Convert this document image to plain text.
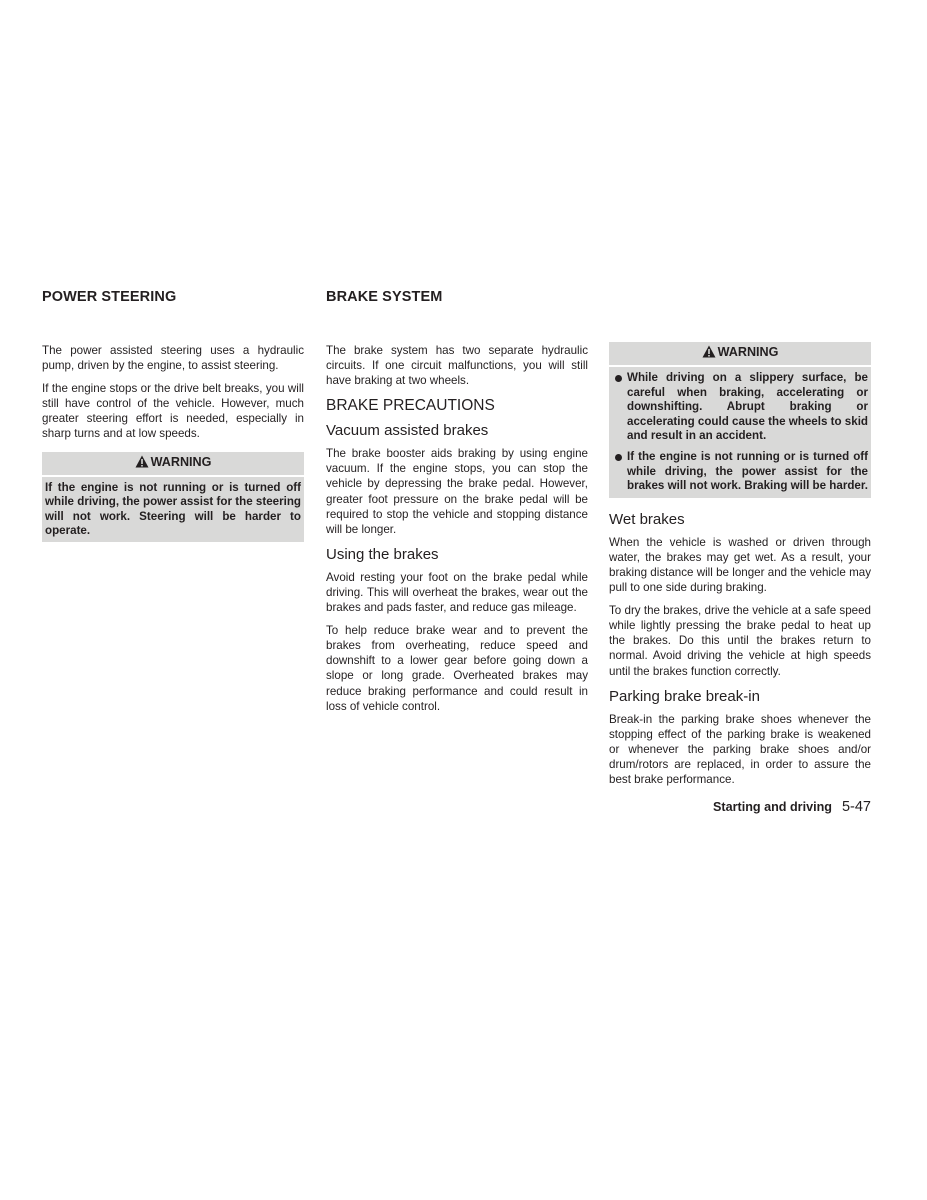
POWER STEERING

The power assisted steering uses a hydraulic pump, driven by the engine, to assist steering.

If the engine stops or the drive belt breaks, you will still have control of the vehicle. However, much greater steering effort is needed, especially in sharp turns and at low speeds.

WARNING
If the engine is not running or is turned off while driving, the power assist for the steering will not work. Steering will be harder to operate.
BRAKE SYSTEM

The brake system has two separate hydraulic circuits. If one circuit malfunctions, you will still have braking at two wheels.

BRAKE PRECAUTIONS
Vacuum assisted brakes

The brake booster aids braking by using engine vacuum. If the engine stops, you can stop the vehicle by depressing the brake pedal. However, greater foot pressure on the brake pedal will be required to stop the vehicle and stopping distance will be longer.

Using the brakes

Avoid resting your foot on the brake pedal while driving. This will overheat the brakes, wear out the brakes and pads faster, and reduce gas mileage.

To help reduce brake wear and to prevent the brakes from overheating, reduce speed and downshift to a lower gear before going down a slope or long grade. Overheated brakes may reduce braking performance and could result in loss of vehicle control.

WARNING
While driving on a slippery surface, be careful when braking, accelerating or downshifting. Abrupt braking or accelerating could cause the wheels to skid and result in an accident.
If the engine is not running or is turned off while driving, the power assist for the brakes will not work. Braking will be harder.
Wet brakes

When the vehicle is washed or driven through water, the brakes may get wet. As a result, your braking distance will be longer and the vehicle may pull to one side during braking.

To dry the brakes, drive the vehicle at a safe speed while lightly pressing the brake pedal to heat up the brakes. Do this until the brakes return to normal. Avoid driving the vehicle at high speeds until the brakes function correctly.

Parking brake break-in

Break-in the parking brake shoes whenever the stopping effect of the parking brake is weakened or whenever the parking brake shoes and/or drum/rotors are replaced, in order to assure the best brake performance.

Starting and driving 5-47
